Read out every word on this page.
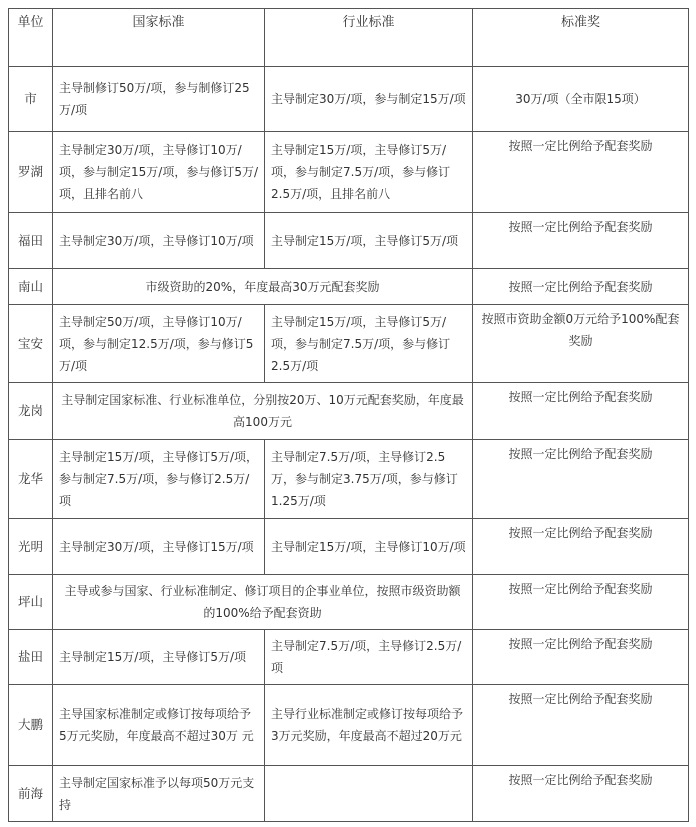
单位	国家标准	行业标准	标准奖
市	主导制修订50万/项，参与制修订25万/项	主导制定30万/项，参与制定15万/项	30万/项（全市限15项）
罗湖	主导制定30万/项，主导修订10万/项，参与制定15万/项，参与修订5万/项，且排名前八	主导制定15万/项，主导修订5万/项，参与制定7.5万/项，参与修订2.5万/项，且排名前八	按照一定比例给予配套奖励
福田	主导制定30万/项，主导修订10万/项	主导制定15万/项，主导修订5万/项	按照一定比例给予配套奖励
南山	市级资助的20%，年度最高30万元配套奖励		按照一定比例给予配套奖励
宝安	主导制定50万/项，主导修订10万/项，参与制定12.5万/项，参与修订5万/项	主导制定15万/项，主导修订5万/项，参与制定7.5万/项，参与修订2.5万/项	按照市资助金额0万元给予100%配套奖励
龙岗	主导制定国家标准、行业标准单位，分别按20万、10万元配套奖励，年度最高100万元		按照一定比例给予配套奖励
龙华	主导制定15万/项，主导修订5万/项，参与制定7.5万/项，参与修订2.5万/项	主导制定7.5万/项，主导修订2.5万，参与制定3.75万/项，参与修订1.25万/项	按照一定比例给予配套奖励
光明	主导制定30万/项，主导修订15万/项	主导制定15万/项，主导修订10万/项	按照一定比例给予配套奖励
坪山	主导或参与国家、行业标准制定、修订项目的企事业单位，按照市级资助额的100%给予配套资助		按照一定比例给予配套奖励
盐田	主导制定15万/项，主导修订5万/项	主导制定7.5万/项，主导修订2.5万/项	按照一定比例给予配套奖励
大鹏	主导国家标准制定或修订按每项给予5万元奖励，年度最高不超过30万 元	主导行业标准制定或修订按每项给予3万元奖励，年度最高不超过20万元	按照一定比例给予配套奖励
前海	主导制定国家标准予以每项50万元支持		按照一定比例给予配套奖励
